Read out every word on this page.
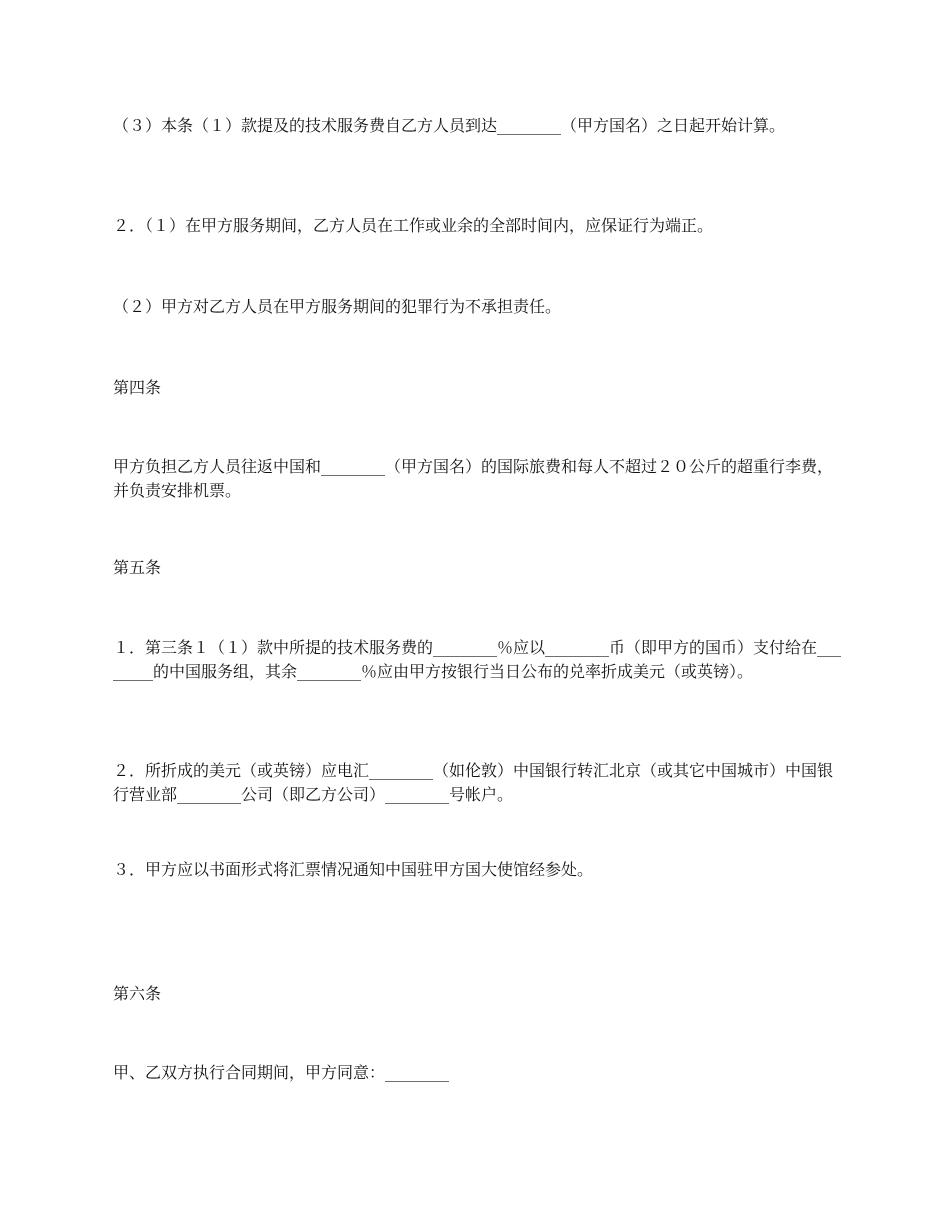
（３）本条（１）款提及的技术服务费自乙方人员到达________（甲方国名）之日起开始计算。

２．（１）在甲方服务期间，乙方人员在工作或业余的全部时间内，应保证行为端正。

（２）甲方对乙方人员在甲方服务期间的犯罪行为不承担责任。

第四条

甲方负担乙方人员往返中国和________（甲方国名）的国际旅费和每人不超过２０公斤的超重行李费，并负责安排机票。

第五条

１．第三条１（１）款中所提的技术服务费的________％应以________币（即甲方的国币）支付给在________的中国服务组，其余________％应由甲方按银行当日公布的兑率折成美元（或英镑）。

２．所折成的美元（或英镑）应电汇________（如伦敦）中国银行转汇北京（或其它中国城市）中国银行营业部________公司（即乙方公司）________号帐户。

３．甲方应以书面形式将汇票情况通知中国驻甲方国大使馆经参处。

第六条

甲、乙双方执行合同期间，甲方同意：________
